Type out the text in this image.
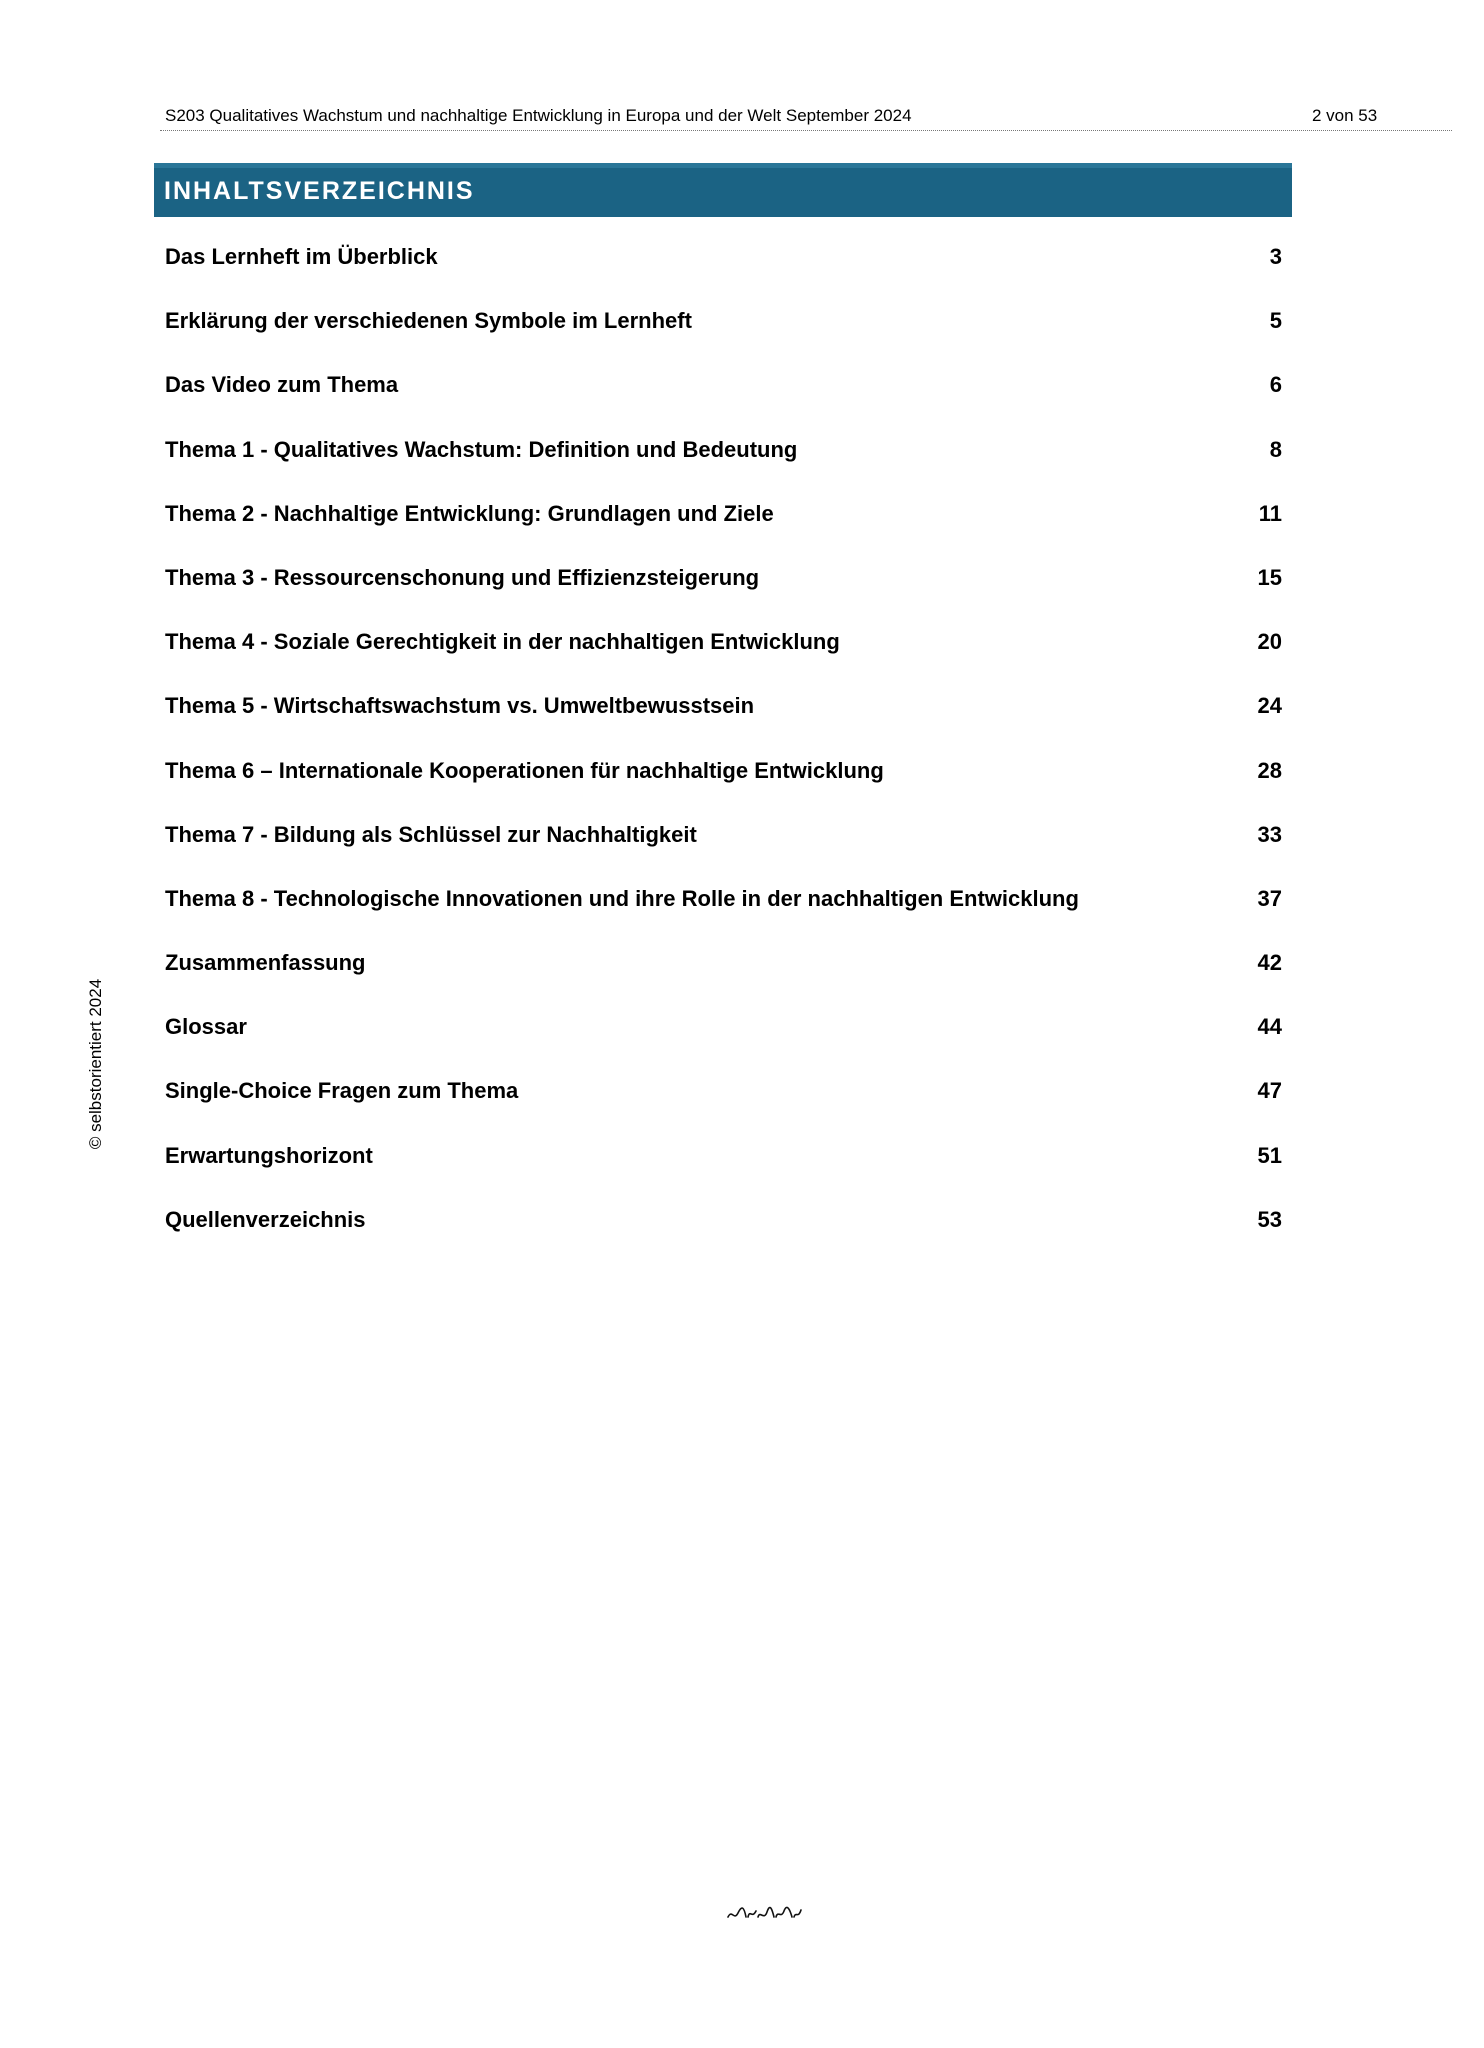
S203 Qualitatives Wachstum und nachhaltige Entwicklung in Europa und der Welt September 2024	2 von 53
INHALTSVERZEICHNIS
Das Lernheft im Überblick	3
Erklärung der verschiedenen Symbole im Lernheft	5
Das Video zum Thema	6
Thema 1 - Qualitatives Wachstum: Definition und Bedeutung	8
Thema 2 - Nachhaltige Entwicklung: Grundlagen und Ziele	11
Thema 3 - Ressourcenschonung und Effizienzsteigerung	15
Thema 4 - Soziale Gerechtigkeit in der nachhaltigen Entwicklung	20
Thema 5 - Wirtschaftswachstum vs. Umweltbewusstsein	24
Thema 6 – Internationale Kooperationen für nachhaltige Entwicklung	28
Thema 7 - Bildung als Schlüssel zur Nachhaltigkeit	33
Thema 8 - Technologische Innovationen und ihre Rolle in der nachhaltigen Entwicklung	37
Zusammenfassung	42
Glossar	44
Single-Choice Fragen zum Thema	47
Erwartungshorizont	51
Quellenverzeichnis	53
© selbstorientiert 2024
